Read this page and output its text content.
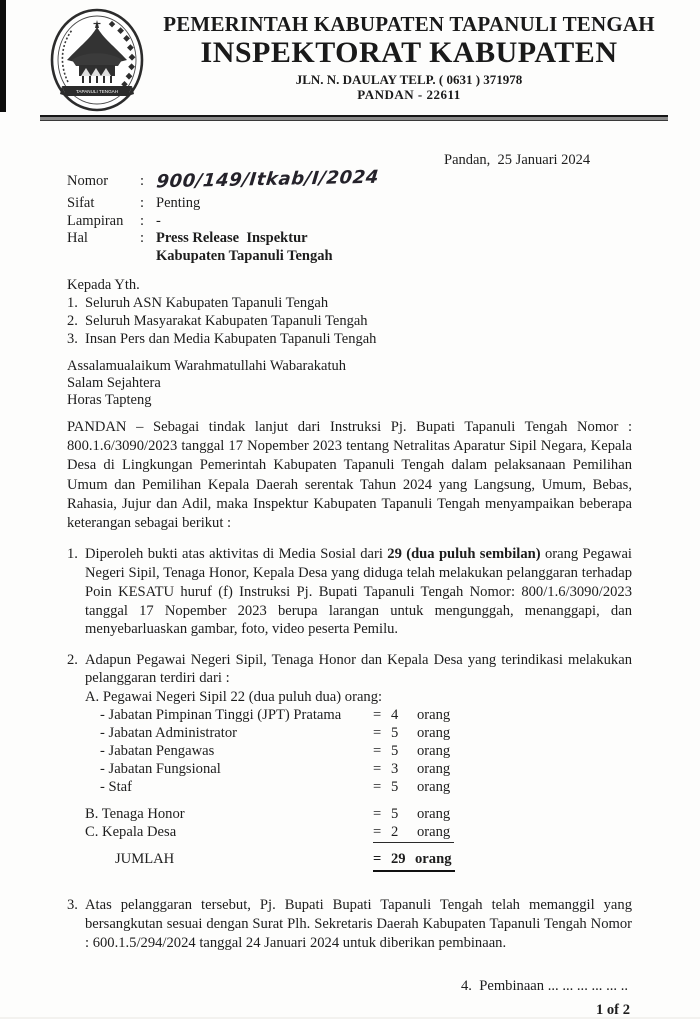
TAPANULI TENGAH
PEMERINTAH KABUPATEN TAPANULI TENGAH
INSPEKTORAT KABUPATEN
JLN. N. DAULAY TELP. ( 0631 ) 371978
PANDAN - 22611
Pandan,  25 Januari 2024
Nomor	: 900/149/Itkab/I/2024
Sifat	: Penting
Lampiran	: -
Hal	: Press Release  Inspektur
Kabupaten Tapanuli Tengah
Kepada Yth.
1. Seluruh ASN Kabupaten Tapanuli Tengah
2. Seluruh Masyarakat Kabupaten Tapanuli Tengah
3. Insan Pers dan Media Kabupaten Tapanuli Tengah
Assalamualaikum Warahmatullahi Wabarakatuh
Salam Sejahtera
Horas Tapteng
PANDAN – Sebagai tindak lanjut dari Instruksi Pj. Bupati Tapanuli Tengah Nomor : 800.1.6/3090/2023 tanggal 17 Nopember 2023 tentang Netralitas Aparatur Sipil Negara, Kepala Desa di Lingkungan Pemerintah Kabupaten Tapanuli Tengah dalam pelaksanaan Pemilihan Umum dan Pemilihan Kepala Daerah serentak Tahun 2024 yang Langsung, Umum, Bebas, Rahasia, Jujur dan Adil, maka Inspektur Kabupaten Tapanuli Tengah menyampaikan beberapa keterangan sebagai berikut :
1. Diperoleh bukti atas aktivitas di Media Sosial dari 29 (dua puluh sembilan) orang Pegawai Negeri Sipil, Tenaga Honor, Kepala Desa yang diduga telah melakukan pelanggaran terhadap Poin KESATU huruf (f) Instruksi Pj. Bupati Tapanuli Tengah Nomor: 800/1.6/3090/2023 tanggal 17 Nopember 2023 berupa larangan untuk mengunggah, menanggapi, dan menyebarluaskan gambar, foto, video peserta Pemilu.
2. Adapun Pegawai Negeri Sipil, Tenaga Honor dan Kepala Desa yang terindikasi melakukan pelanggaran terdiri dari :
A. Pegawai Negeri Sipil 22 (dua puluh dua) orang:
- Jabatan Pimpinan Tinggi (JPT) Pratama	= 4	orang
- Jabatan Administrator	= 5	orang
- Jabatan Pengawas	= 5	orang
- Jabatan Fungsional	= 3	orang
- Staf	= 5	orang
B. Tenaga Honor	= 5	orang
C. Kepala Desa	= 2	orang
JUMLAH	= 29 orang
3. Atas pelanggaran tersebut, Pj. Bupati Bupati Tapanuli Tengah telah memanggil yang bersangkutan sesuai dengan Surat Plh. Sekretaris Daerah Kabupaten Tapanuli Tengah Nomor : 600.1.5/294/2024 tanggal 24 Januari 2024 untuk diberikan pembinaan.
4.  Pembinaan ... ... ... ... ... ..
1 of 2
